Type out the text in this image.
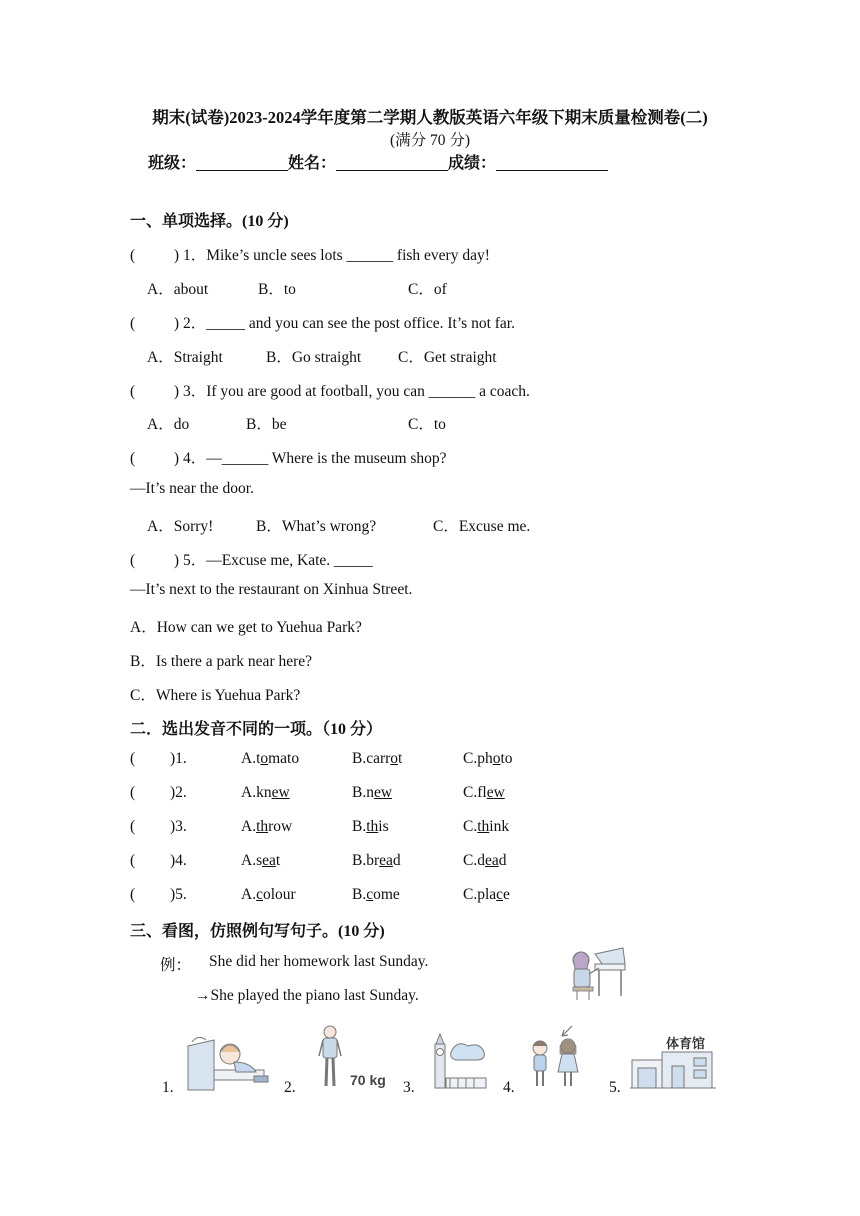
期末(试卷)2023-2024学年度第二学期人教版英语六年级下期末质量检测卷(二)
(满分 70 分)
班级：	姓名：	成绩：
一、单项选择。(10 分)
(          ) 1．Mike’s uncle sees lots ______ fish every day!
A．about	B．to	C．of
(          ) 2．_____ and you can see the post office. It’s not far.
A．Straight	B．Go straight C．Get straight
(          ) 3．If you are good at football, you can ______ a coach.
A．do	B．be	C．to
(          ) 4．—______ Where is the museum shop?
—It’s near the door.
A．Sorry!	B．What’s wrong?	C．Excuse me.
(          ) 5．—Excuse me, Kate. _____
—It’s next to the restaurant on Xinhua Street.
A．How can we get to Yuehua Park?
B．Is there a park near here?
C．Where is Yuehua Park?
二．选出发音不同的一项。（10 分）
( )1.	A.tomato	B.carrot	C.photo
( )2.	A.knew	B.new	C.flew
( )3.	A.throw	B.this	C.think
( )4.	A.seat	B.bread	C.dead
( )5.	A.colour	B.come	C.place
三、看图，仿照例句写句子。(10 分)
例： She did her homework last Sunday.
→She played the piano last Sunday.
1.	2.	3.	4.	5.
70 kg
体育馆
